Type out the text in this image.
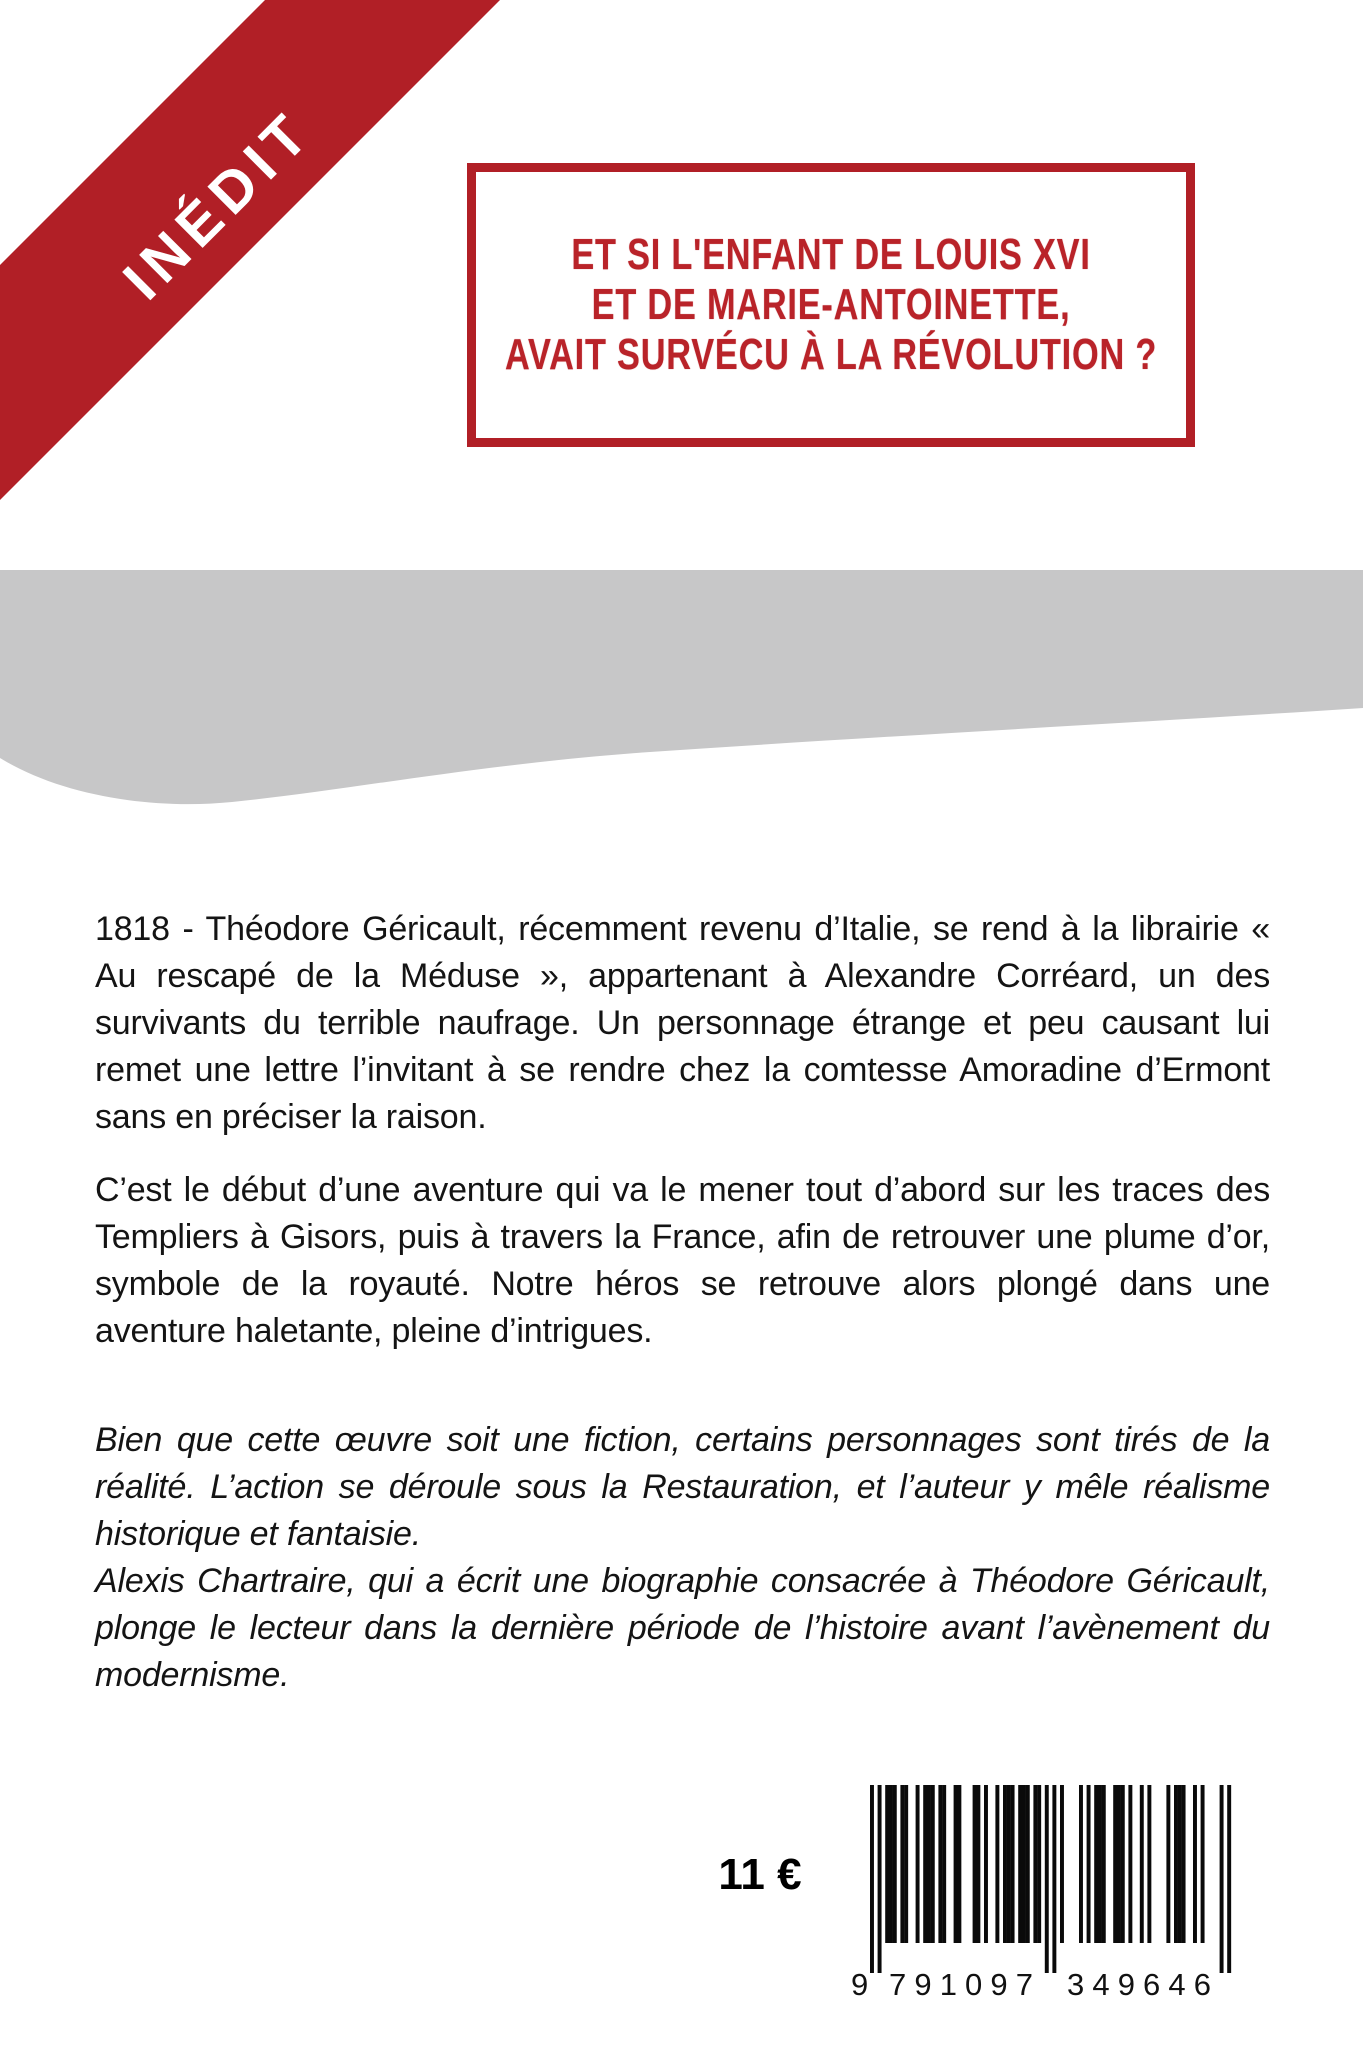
INÉDIT	ET SI L'ENFANT DE LOUIS XVI
ET DE MARIE-ANTOINETTE,
AVAIT SURVÉCU À LA RÉVOLUTION ?

1818 - Théodore Géricault, récemment revenu d’Italie, se rend à la librairie « Au rescapé de la Méduse », appartenant à Alexandre Corréard, un des survivants du terrible naufrage. Un personnage étrange et peu causant lui remet une lettre l’invitant à se rendre chez la comtesse Amoradine d’Ermont sans en préciser la raison.

C’est le début d’une aventure qui va le mener tout d’abord sur les traces des Templiers à Gisors, puis à travers la France, afin de retrouver une plume d’or, symbole de la royauté. Notre héros se retrouve alors plongé dans une aventure haletante, pleine d’intrigues.

Bien que cette œuvre soit une fiction, certains personnages sont tirés de la réalité. L’action se déroule sous la Restauration, et l’auteur y mêle réalisme historique et fantaisie.

Alexis Chartraire, qui a écrit une biographie consacrée à Théodore Géricault, plonge le lecteur dans la dernière période de l’histoire avant l’avènement du modernisme.

11 €
9 791097 349646
